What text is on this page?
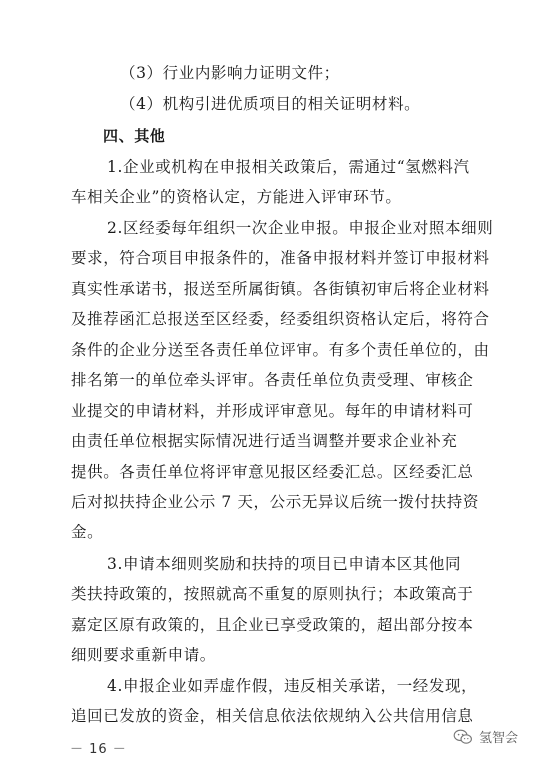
（3）行业内影响力证明文件；
（4）机构引进优质项目的相关证明材料。
四、其他
1.企业或机构在申报相关政策后，需通过“氢燃料汽
车相关企业”的资格认定，方能进入评审环节。
2.区经委每年组织一次企业申报。申报企业对照本细则
要求，符合项目申报条件的，准备申报材料并签订申报材料
真实性承诺书，报送至所属街镇。各街镇初审后将企业材料
及推荐函汇总报送至区经委，经委组织资格认定后，将符合
条件的企业分送至各责任单位评审。有多个责任单位的，由
排名第一的单位牵头评审。各责任单位负责受理、审核企
业提交的申请材料，并形成评审意见。每年的申请材料可
由责任单位根据实际情况进行适当调整并要求企业补充
提供。各责任单位将评审意见报区经委汇总。区经委汇总
后对拟扶持企业公示 7 天，公示无异议后统一拨付扶持资
金。
3.申请本细则奖励和扶持的项目已申请本区其他同
类扶持政策的，按照就高不重复的原则执行；本政策高于
嘉定区原有政策的，且企业已享受政策的，超出部分按本
细则要求重新申请。
4.申报企业如弄虚作假，违反相关承诺，一经发现，
追回已发放的资金，相关信息依法依规纳入公共信用信息
－ 16 －
氢智会
